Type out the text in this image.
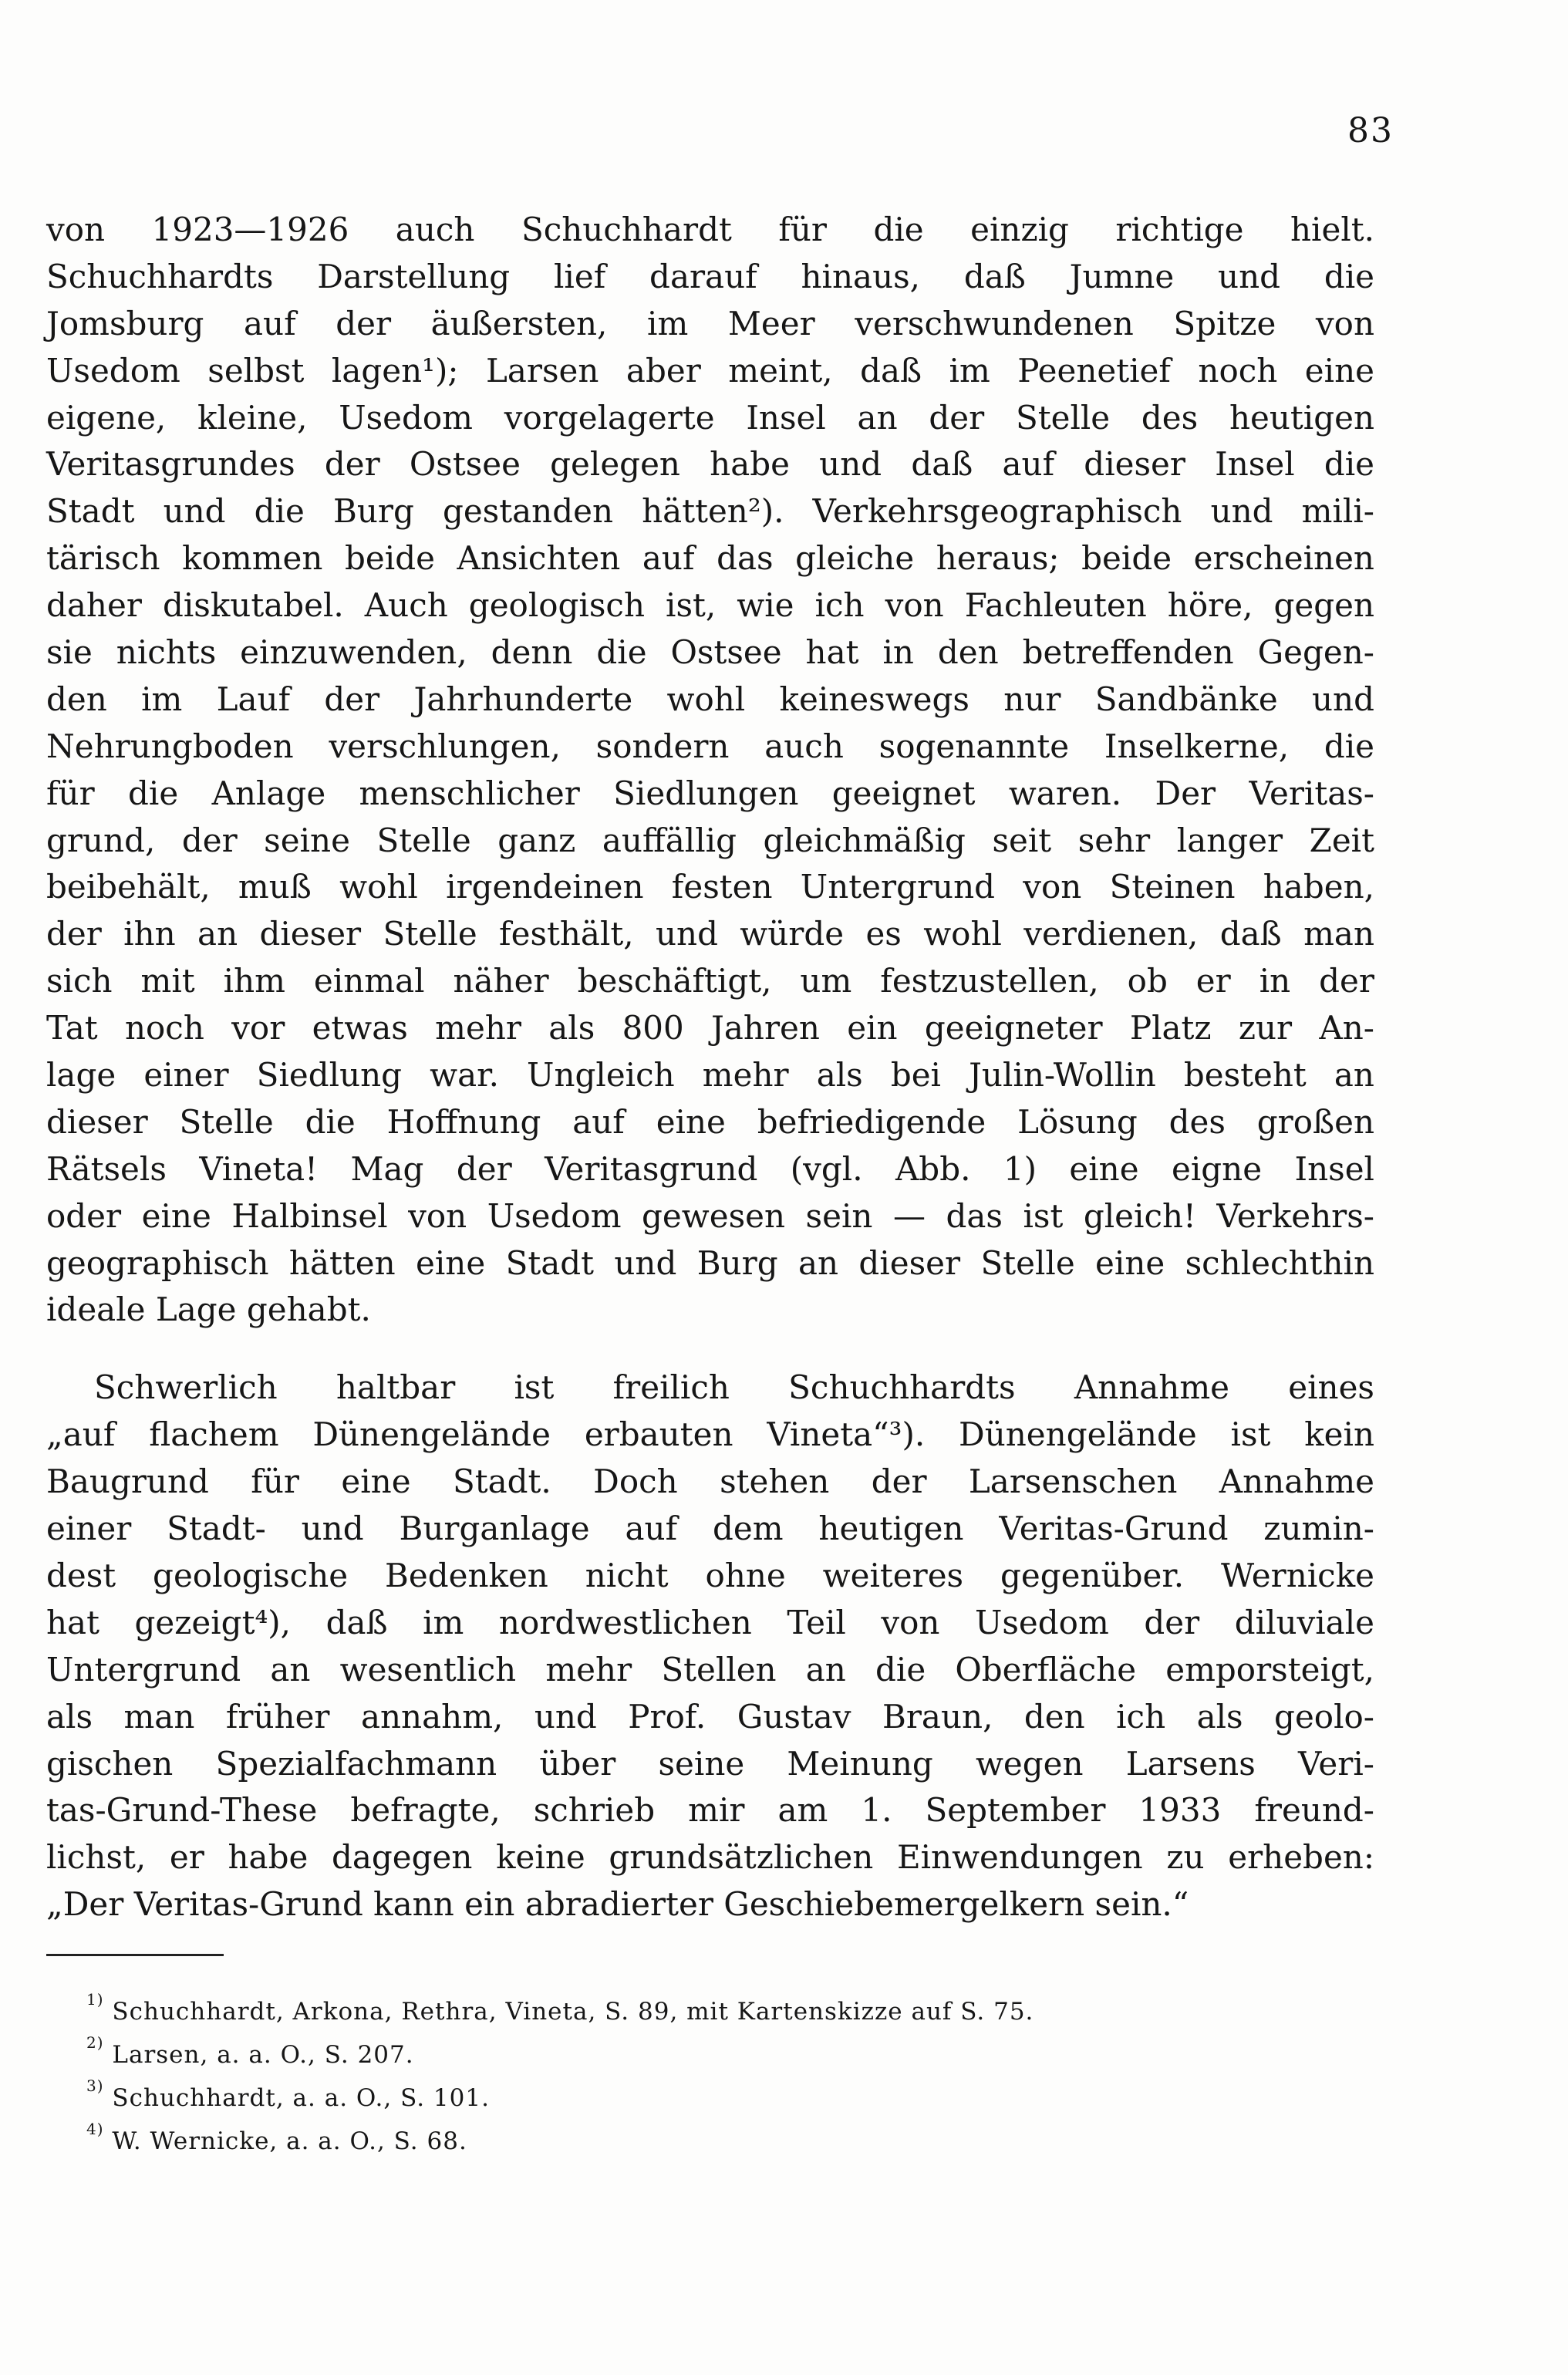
83
von 1923—1926 auch Schuchhardt für die einzig richtige hielt.
Schuchhardts Darstellung lief darauf hinaus, daß Jumne und die
Jomsburg auf der äußersten, im Meer verschwundenen Spitze von
Usedom selbst lagen¹); Larsen aber meint, daß im Peenetief noch eine
eigene, kleine, Usedom vorgelagerte Insel an der Stelle des heutigen
Veritasgrundes der Ostsee gelegen habe und daß auf dieser Insel die
Stadt und die Burg gestanden hätten²). Verkehrsgeographisch und mili-
tärisch kommen beide Ansichten auf das gleiche heraus; beide erscheinen
daher diskutabel. Auch geologisch ist, wie ich von Fachleuten höre, gegen
sie nichts einzuwenden, denn die Ostsee hat in den betreffenden Gegen-
den im Lauf der Jahrhunderte wohl keineswegs nur Sandbänke und
Nehrungboden verschlungen, sondern auch sogenannte Inselkerne, die
für die Anlage menschlicher Siedlungen geeignet waren. Der Veritas-
grund, der seine Stelle ganz auffällig gleichmäßig seit sehr langer Zeit
beibehält, muß wohl irgendeinen festen Untergrund von Steinen haben,
der ihn an dieser Stelle festhält, und würde es wohl verdienen, daß man
sich mit ihm einmal näher beschäftigt, um festzustellen, ob er in der
Tat noch vor etwas mehr als 800 Jahren ein geeigneter Platz zur An-
lage einer Siedlung war. Ungleich mehr als bei Julin-Wollin besteht an
dieser Stelle die Hoffnung auf eine befriedigende Lösung des großen
Rätsels Vineta! Mag der Veritasgrund (vgl. Abb. 1) eine eigne Insel
oder eine Halbinsel von Usedom gewesen sein — das ist gleich! Verkehrs-
geographisch hätten eine Stadt und Burg an dieser Stelle eine schlechthin
ideale Lage gehabt.
Schwerlich haltbar ist freilich Schuchhardts Annahme eines
„auf flachem Dünengelände erbauten Vineta“³). Dünengelände ist kein
Baugrund für eine Stadt. Doch stehen der Larsenschen Annahme
einer Stadt- und Burganlage auf dem heutigen Veritas-Grund zumin-
dest geologische Bedenken nicht ohne weiteres gegenüber. Wernicke
hat gezeigt⁴), daß im nordwestlichen Teil von Usedom der diluviale
Untergrund an wesentlich mehr Stellen an die Oberfläche emporsteigt,
als man früher annahm, und Prof. Gustav Braun, den ich als geolo-
gischen Spezialfachmann über seine Meinung wegen Larsens Veri-
tas-Grund-These befragte, schrieb mir am 1. September 1933 freund-
lichst, er habe dagegen keine grundsätzlichen Einwendungen zu erheben:
„Der Veritas-Grund kann ein abradierter Geschiebemergelkern sein.“
$^{1)}$ Schuchhardt, Arkona, Rethra, Vineta, S. 89, mit Kartenskizze auf S. 75.
$^{2)}$ Larsen, a. a. O., S. 207.
$^{3)}$ Schuchhardt, a. a. O., S. 101.
$^{4)}$ W. Wernicke, a. a. O., S. 68.
